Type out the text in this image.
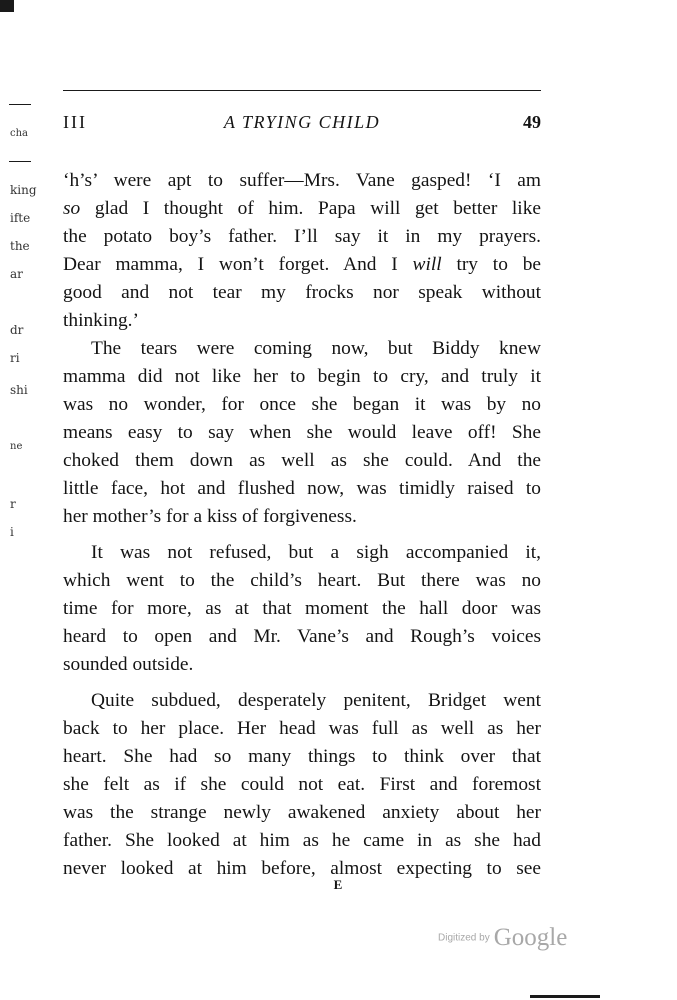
cha
king
ifte
the
ar
dr
ri
shi
ne
r
i
A TRYING CHILD
III	49
‘h’s’ were apt to suffer—Mrs. Vane gasped! ‘I am
so glad I thought of him. Papa will get better like
the potato boy’s father. I’ll say it in my prayers.
Dear mamma, I won’t forget. And I will try to be
good and not tear my frocks nor speak without
thinking.’
The tears were coming now, but Biddy knew
mamma did not like her to begin to cry, and truly it
was no wonder, for once she began it was by no
means easy to say when she would leave off! She
choked them down as well as she could. And the
little face, hot and flushed now, was timidly raised to
her mother’s for a kiss of forgiveness.
It was not refused, but a sigh accompanied it,
which went to the child’s heart. But there was no
time for more, as at that moment the hall door was
heard to open and Mr. Vane’s and Rough’s voices
sounded outside.
Quite subdued, desperately penitent, Bridget went
back to her place. Her head was full as well as her
heart. She had so many things to think over that
she felt as if she could not eat. First and foremost
was the strange newly awakened anxiety about her
father. She looked at him as he came in as she had
never looked at him before, almost expecting to see
E
Digitized by Google
